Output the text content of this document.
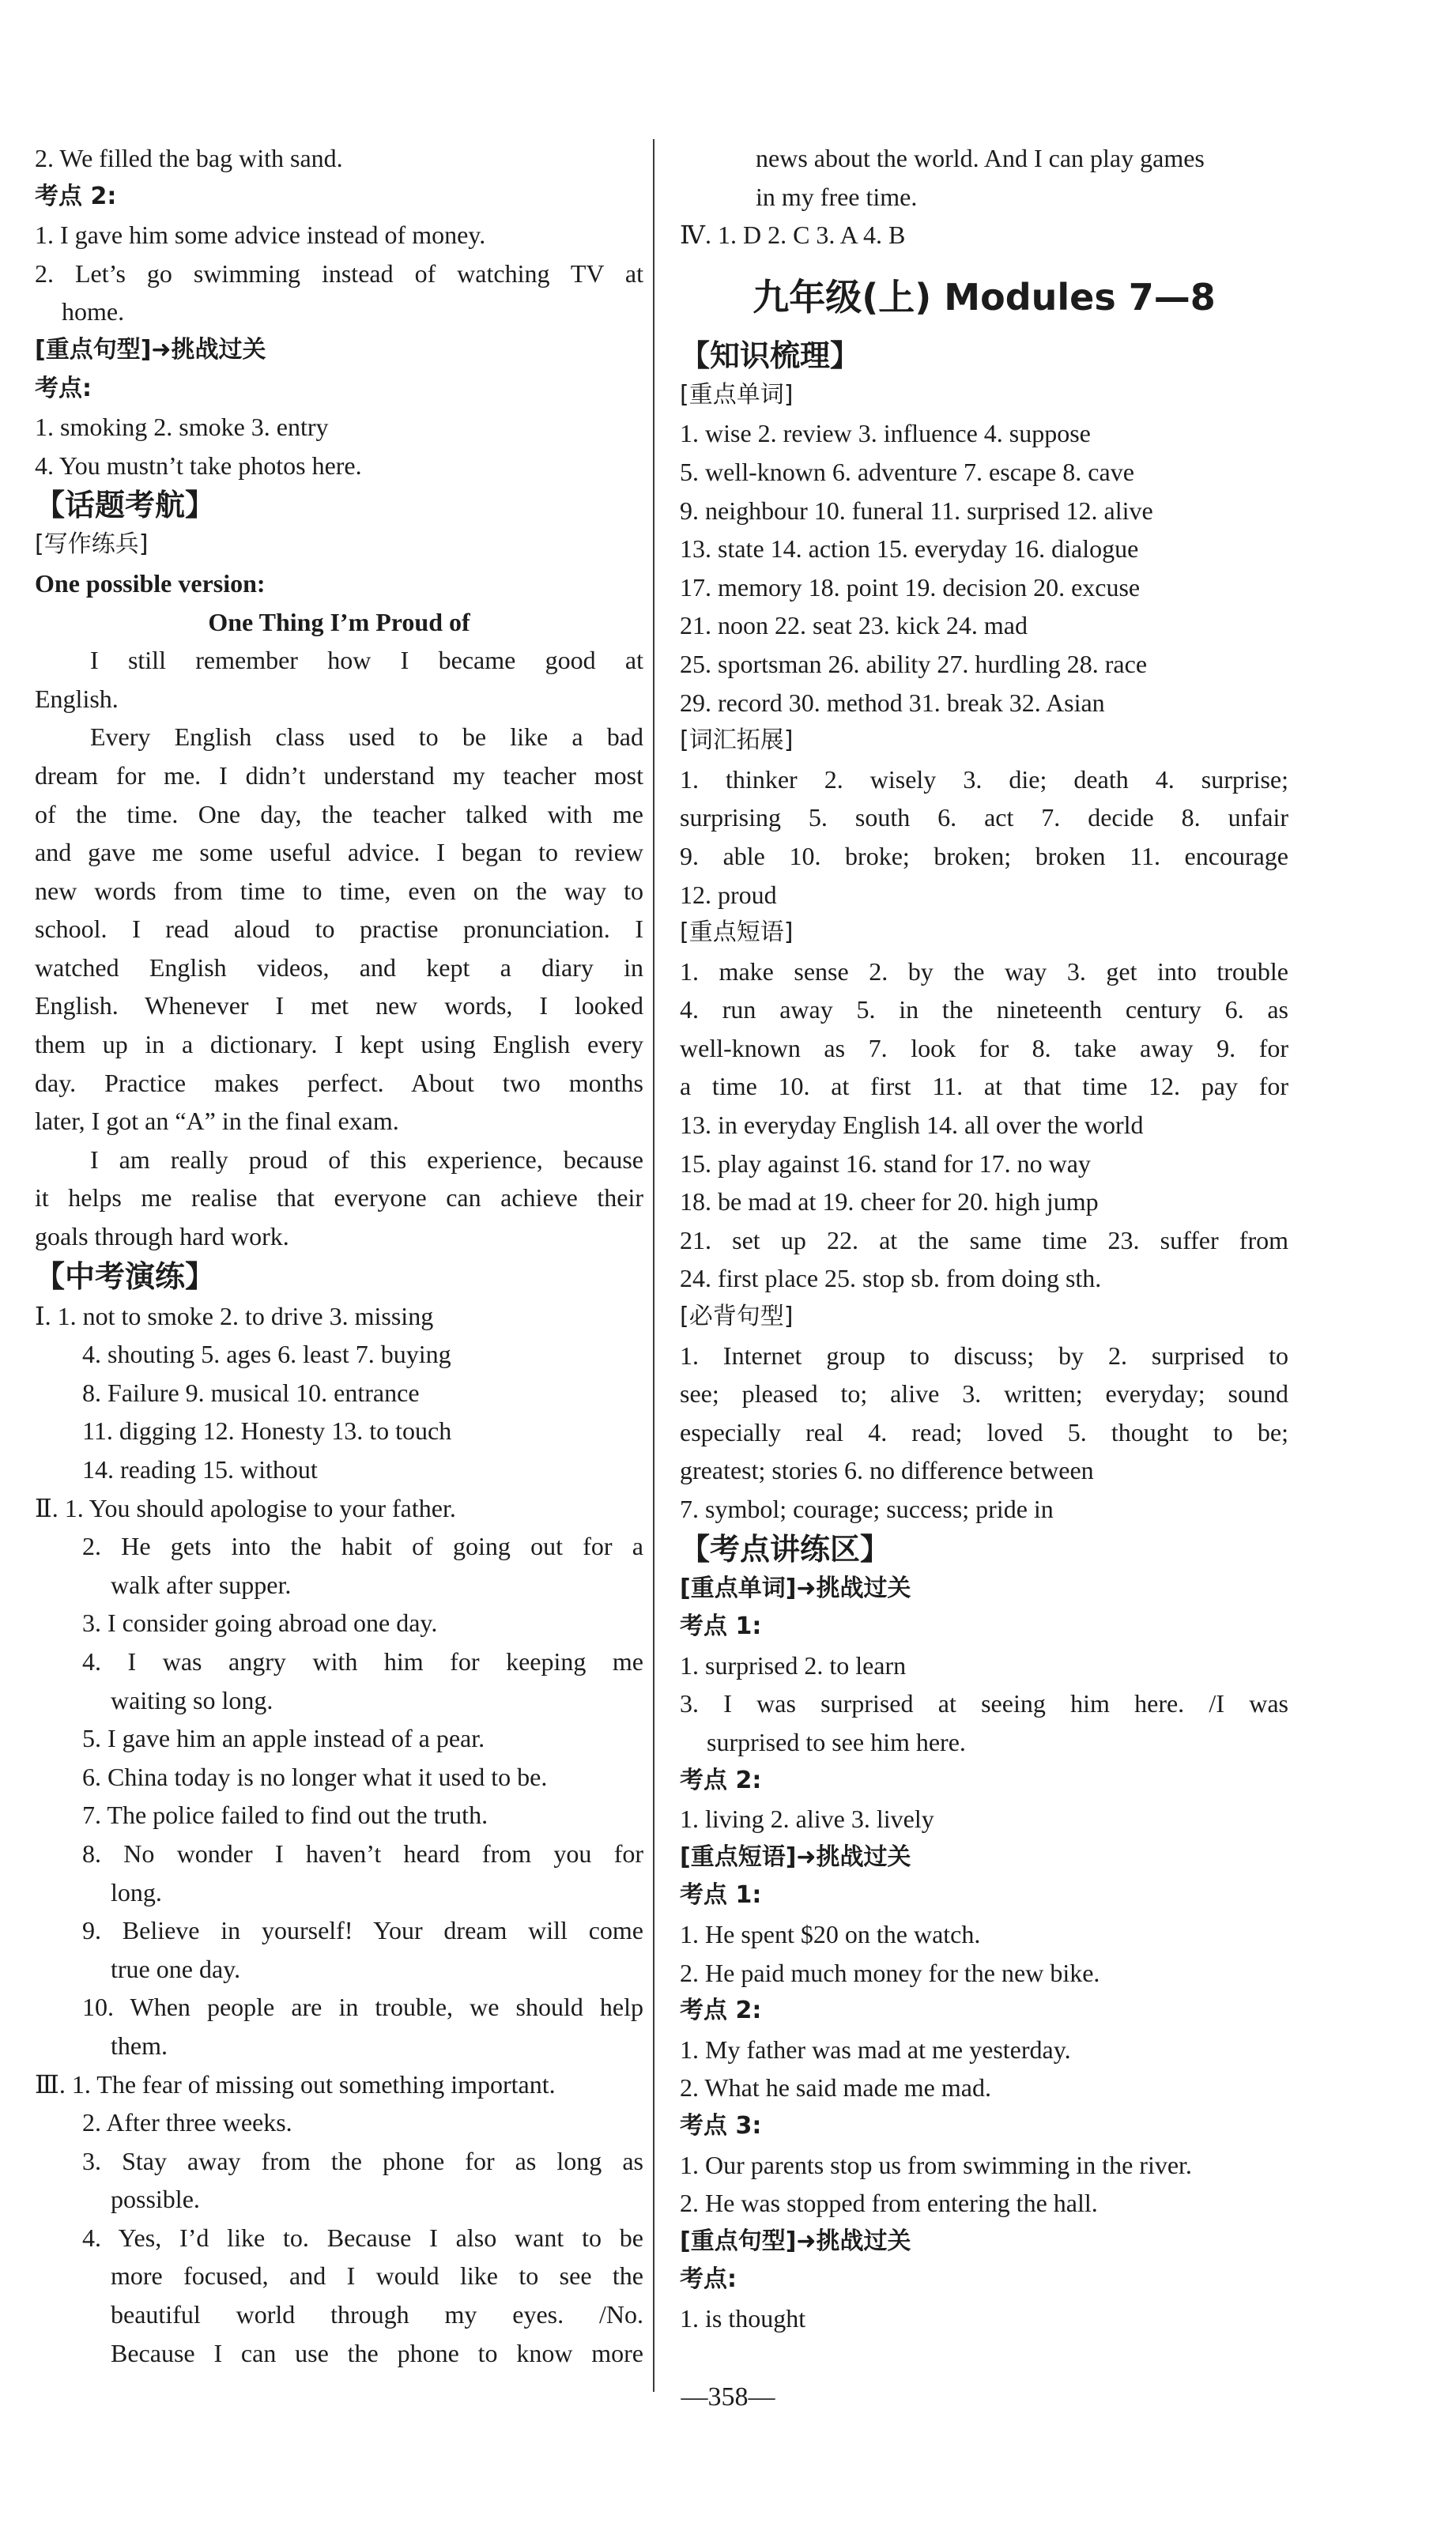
2. We filled the bag with sand.
考点 2:
1. I gave him some advice instead of money.
2. Let’s go swimming instead of watching TV at
home.
[重点句型]➜挑战过关
考点:
1. smoking 2. smoke 3. entry
4. You mustn’t take photos here.
【话题考航】
[写作练兵]
One possible version:
One Thing I’m Proud of
I still remember how I became good at
English.
Every English class used to be like a bad
dream for me. I didn’t understand my teacher most
of the time. One day, the teacher talked with me
and gave me some useful advice. I began to review
new words from time to time, even on the way to
school. I read aloud to practise pronunciation. I
watched English videos, and kept a diary in
English. Whenever I met new words, I looked
them up in a dictionary. I kept using English every
day. Practice makes perfect. About two months
later, I got an “A” in the final exam.
I am really proud of this experience, because
it helps me realise that everyone can achieve their
goals through hard work.
【中考演练】
Ⅰ. 1. not to smoke 2. to drive 3. missing
4. shouting 5. ages 6. least 7. buying
8. Failure 9. musical 10. entrance
11. digging 12. Honesty 13. to touch
14. reading 15. without
Ⅱ. 1. You should apologise to your father.
2. He gets into the habit of going out for a
walk after supper.
3. I consider going abroad one day.
4. I was angry with him for keeping me
waiting so long.
5. I gave him an apple instead of a pear.
6. China today is no longer what it used to be.
7. The police failed to find out the truth.
8. No wonder I haven’t heard from you for
long.
9. Believe in yourself! Your dream will come
true one day.
10. When people are in trouble, we should help
them.
Ⅲ. 1. The fear of missing out something important.
2. After three weeks.
3. Stay away from the phone for as long as
possible.
4. Yes, I’d like to. Because I also want to be
more focused, and I would like to see the
beautiful world through my eyes. /No.
Because I can use the phone to know more
news about the world. And I can play games
in my free time.
Ⅳ. 1. D 2. C 3. A 4. B
九年级(上) Modules 7—8
【知识梳理】
[重点单词]
1. wise 2. review 3. influence 4. suppose
5. well-known 6. adventure 7. escape 8. cave
9. neighbour 10. funeral 11. surprised 12. alive
13. state 14. action 15. everyday 16. dialogue
17. memory 18. point 19. decision 20. excuse
21. noon 22. seat 23. kick 24. mad
25. sportsman 26. ability 27. hurdling 28. race
29. record 30. method 31. break 32. Asian
[词汇拓展]
1. thinker 2. wisely 3. die; death 4. surprise;
surprising 5. south 6. act 7. decide 8. unfair
9. able 10. broke; broken; broken 11. encourage
12. proud
[重点短语]
1. make sense 2. by the way 3. get into trouble
4. run away 5. in the nineteenth century 6. as
well-known as 7. look for 8. take away 9. for
a time 10. at first 11. at that time 12. pay for
13. in everyday English 14. all over the world
15. play against 16. stand for 17. no way
18. be mad at 19. cheer for 20. high jump
21. set up 22. at the same time 23. suffer from
24. first place 25. stop sb. from doing sth.
[必背句型]
1. Internet group to discuss; by 2. surprised to
see; pleased to; alive 3. written; everyday; sound
especially real 4. read; loved 5. thought to be;
greatest; stories 6. no difference between
7. symbol; courage; success; pride in
【考点讲练区】
[重点单词]➜挑战过关
考点 1:
1. surprised 2. to learn
3. I was surprised at seeing him here. /I was
surprised to see him here.
考点 2:
1. living 2. alive 3. lively
[重点短语]➜挑战过关
考点 1:
1. He spent $20 on the watch.
2. He paid much money for the new bike.
考点 2:
1. My father was mad at me yesterday.
2. What he said made me mad.
考点 3:
1. Our parents stop us from swimming in the river.
2. He was stopped from entering the hall.
[重点句型]➜挑战过关
考点:
1. is thought
—358—
